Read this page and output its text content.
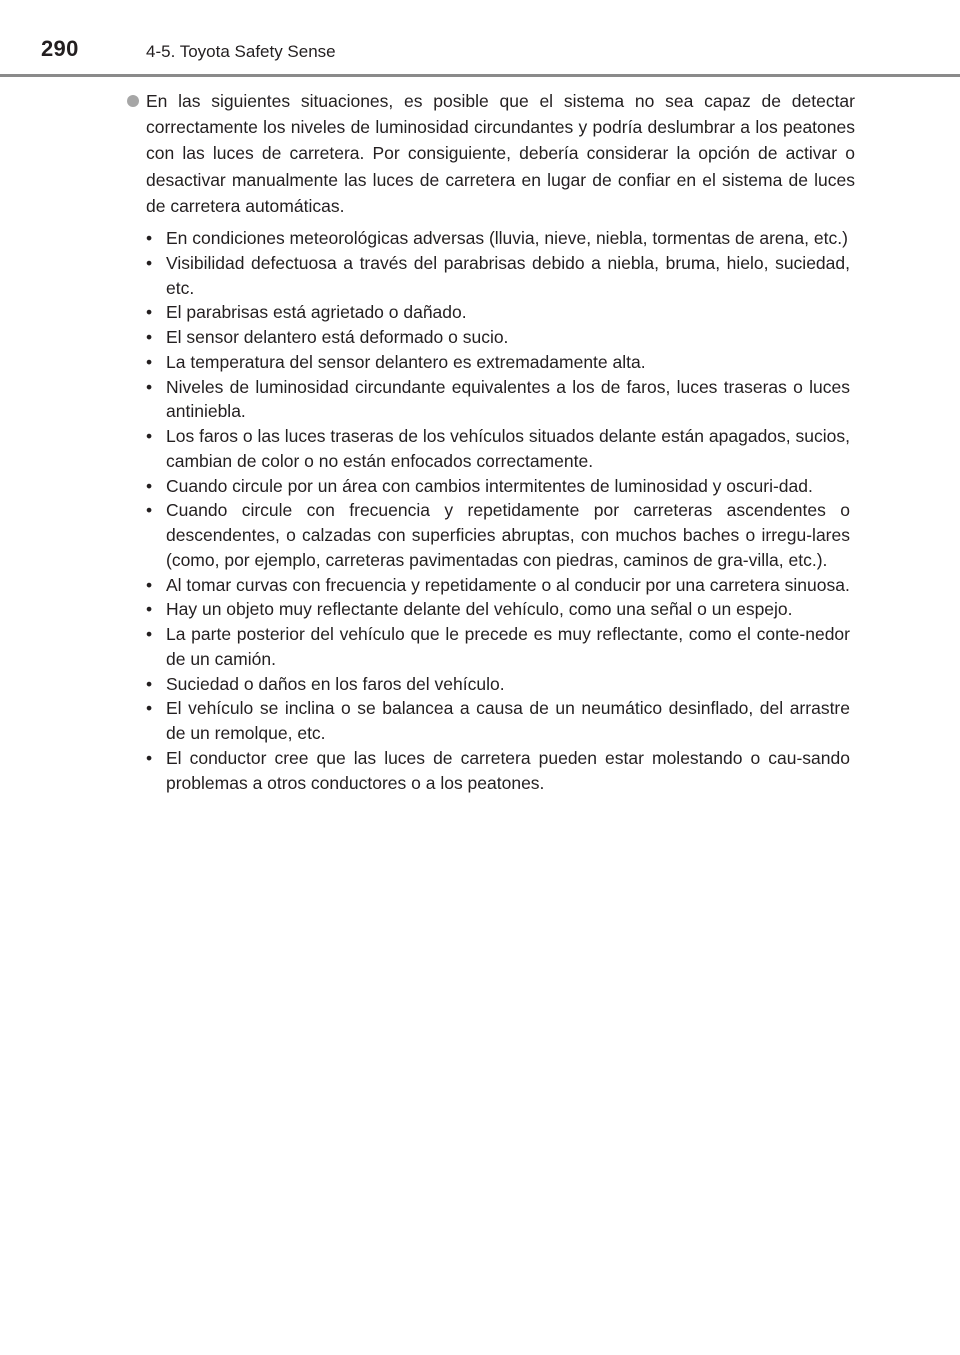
290	4-5. Toyota Safety Sense
En las siguientes situaciones, es posible que el sistema no sea capaz de detectar correctamente los niveles de luminosidad circundantes y podría deslumbrar a los peatones con las luces de carretera. Por consiguiente, debería considerar la opción de activar o desactivar manualmente las luces de carretera en lugar de confiar en el sistema de luces de carretera automáticas.
• En condiciones meteorológicas adversas (lluvia, nieve, niebla, tormentas de arena, etc.)
• Visibilidad defectuosa a través del parabrisas debido a niebla, bruma, hielo, suciedad, etc.
• El parabrisas está agrietado o dañado.
• El sensor delantero está deformado o sucio.
• La temperatura del sensor delantero es extremadamente alta.
• Niveles de luminosidad circundante equivalentes a los de faros, luces traseras o luces antiniebla.
• Los faros o las luces traseras de los vehículos situados delante están apagados, sucios, cambian de color o no están enfocados correctamente.
• Cuando circule por un área con cambios intermitentes de luminosidad y oscuri-dad.
• Cuando circule con frecuencia y repetidamente por carreteras ascendentes o descendentes, o calzadas con superficies abruptas, con muchos baches o irregu-lares (como, por ejemplo, carreteras pavimentadas con piedras, caminos de gra-villa, etc.).
• Al tomar curvas con frecuencia y repetidamente o al conducir por una carretera sinuosa.
• Hay un objeto muy reflectante delante del vehículo, como una señal o un espejo.
• La parte posterior del vehículo que le precede es muy reflectante, como el conte-nedor de un camión.
• Suciedad o daños en los faros del vehículo.
• El vehículo se inclina o se balancea a causa de un neumático desinflado, del arrastre de un remolque, etc.
• El conductor cree que las luces de carretera pueden estar molestando o cau-sando problemas a otros conductores o a los peatones.
